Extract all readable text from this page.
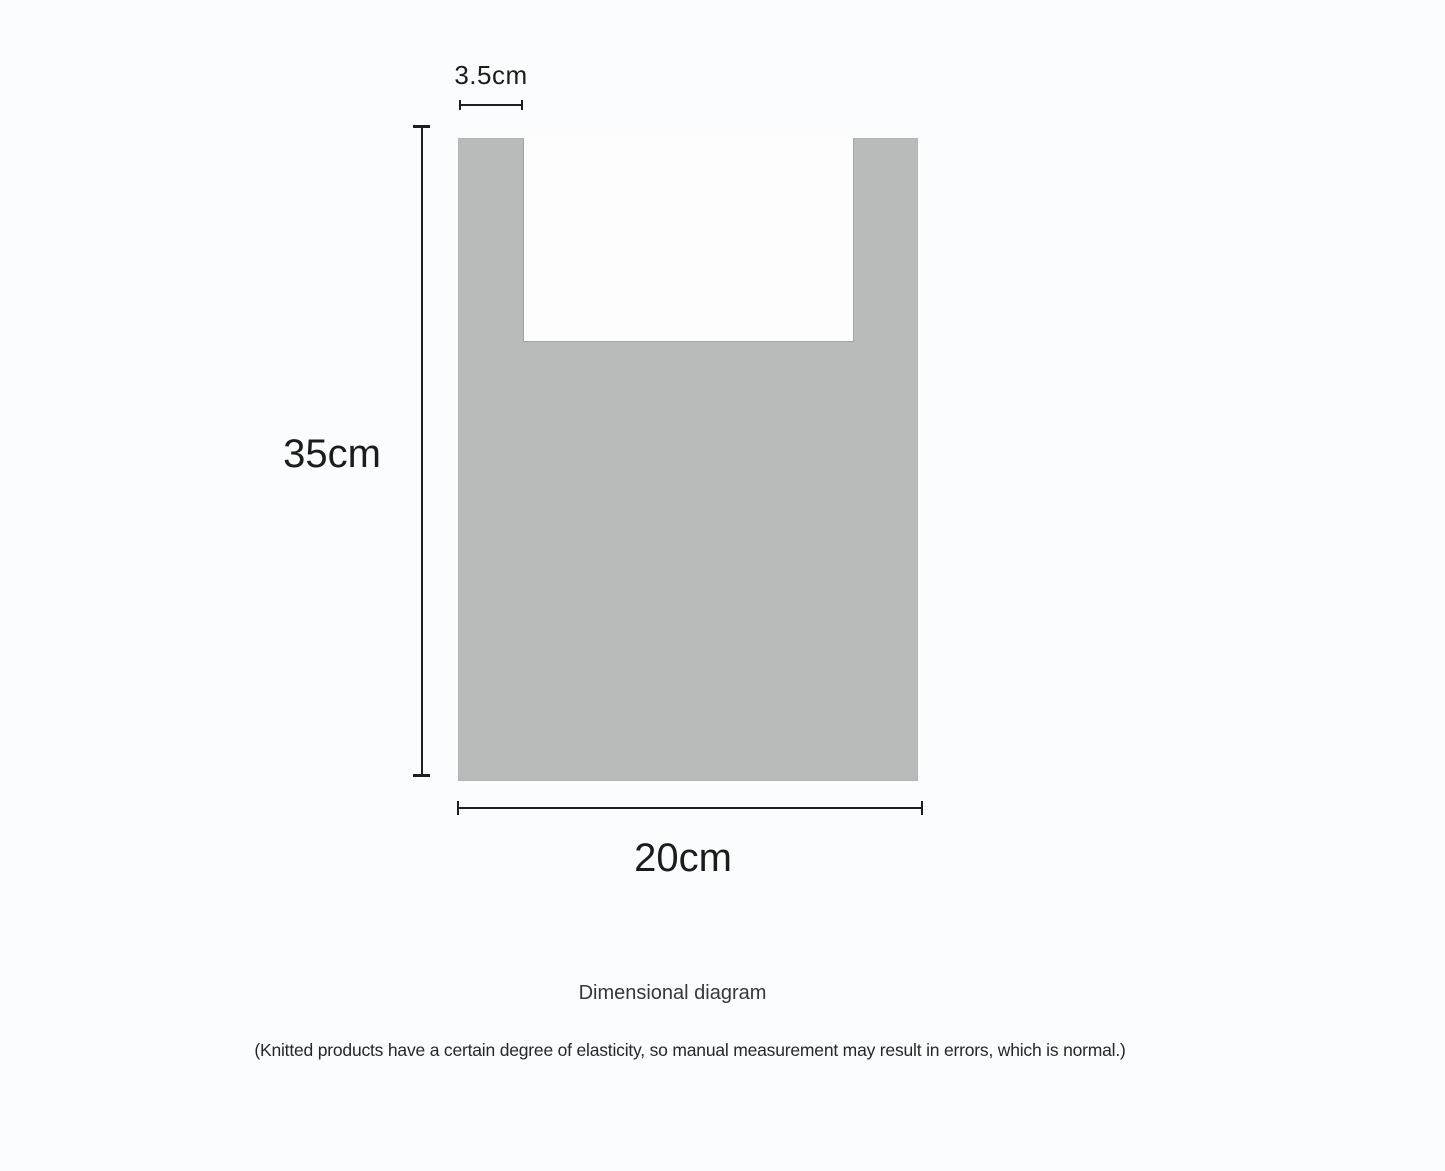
3.5cm
35cm
20cm
Dimensional diagram
(Knitted products have a certain degree of elasticity, so manual measurement may result in errors, which is normal.)
